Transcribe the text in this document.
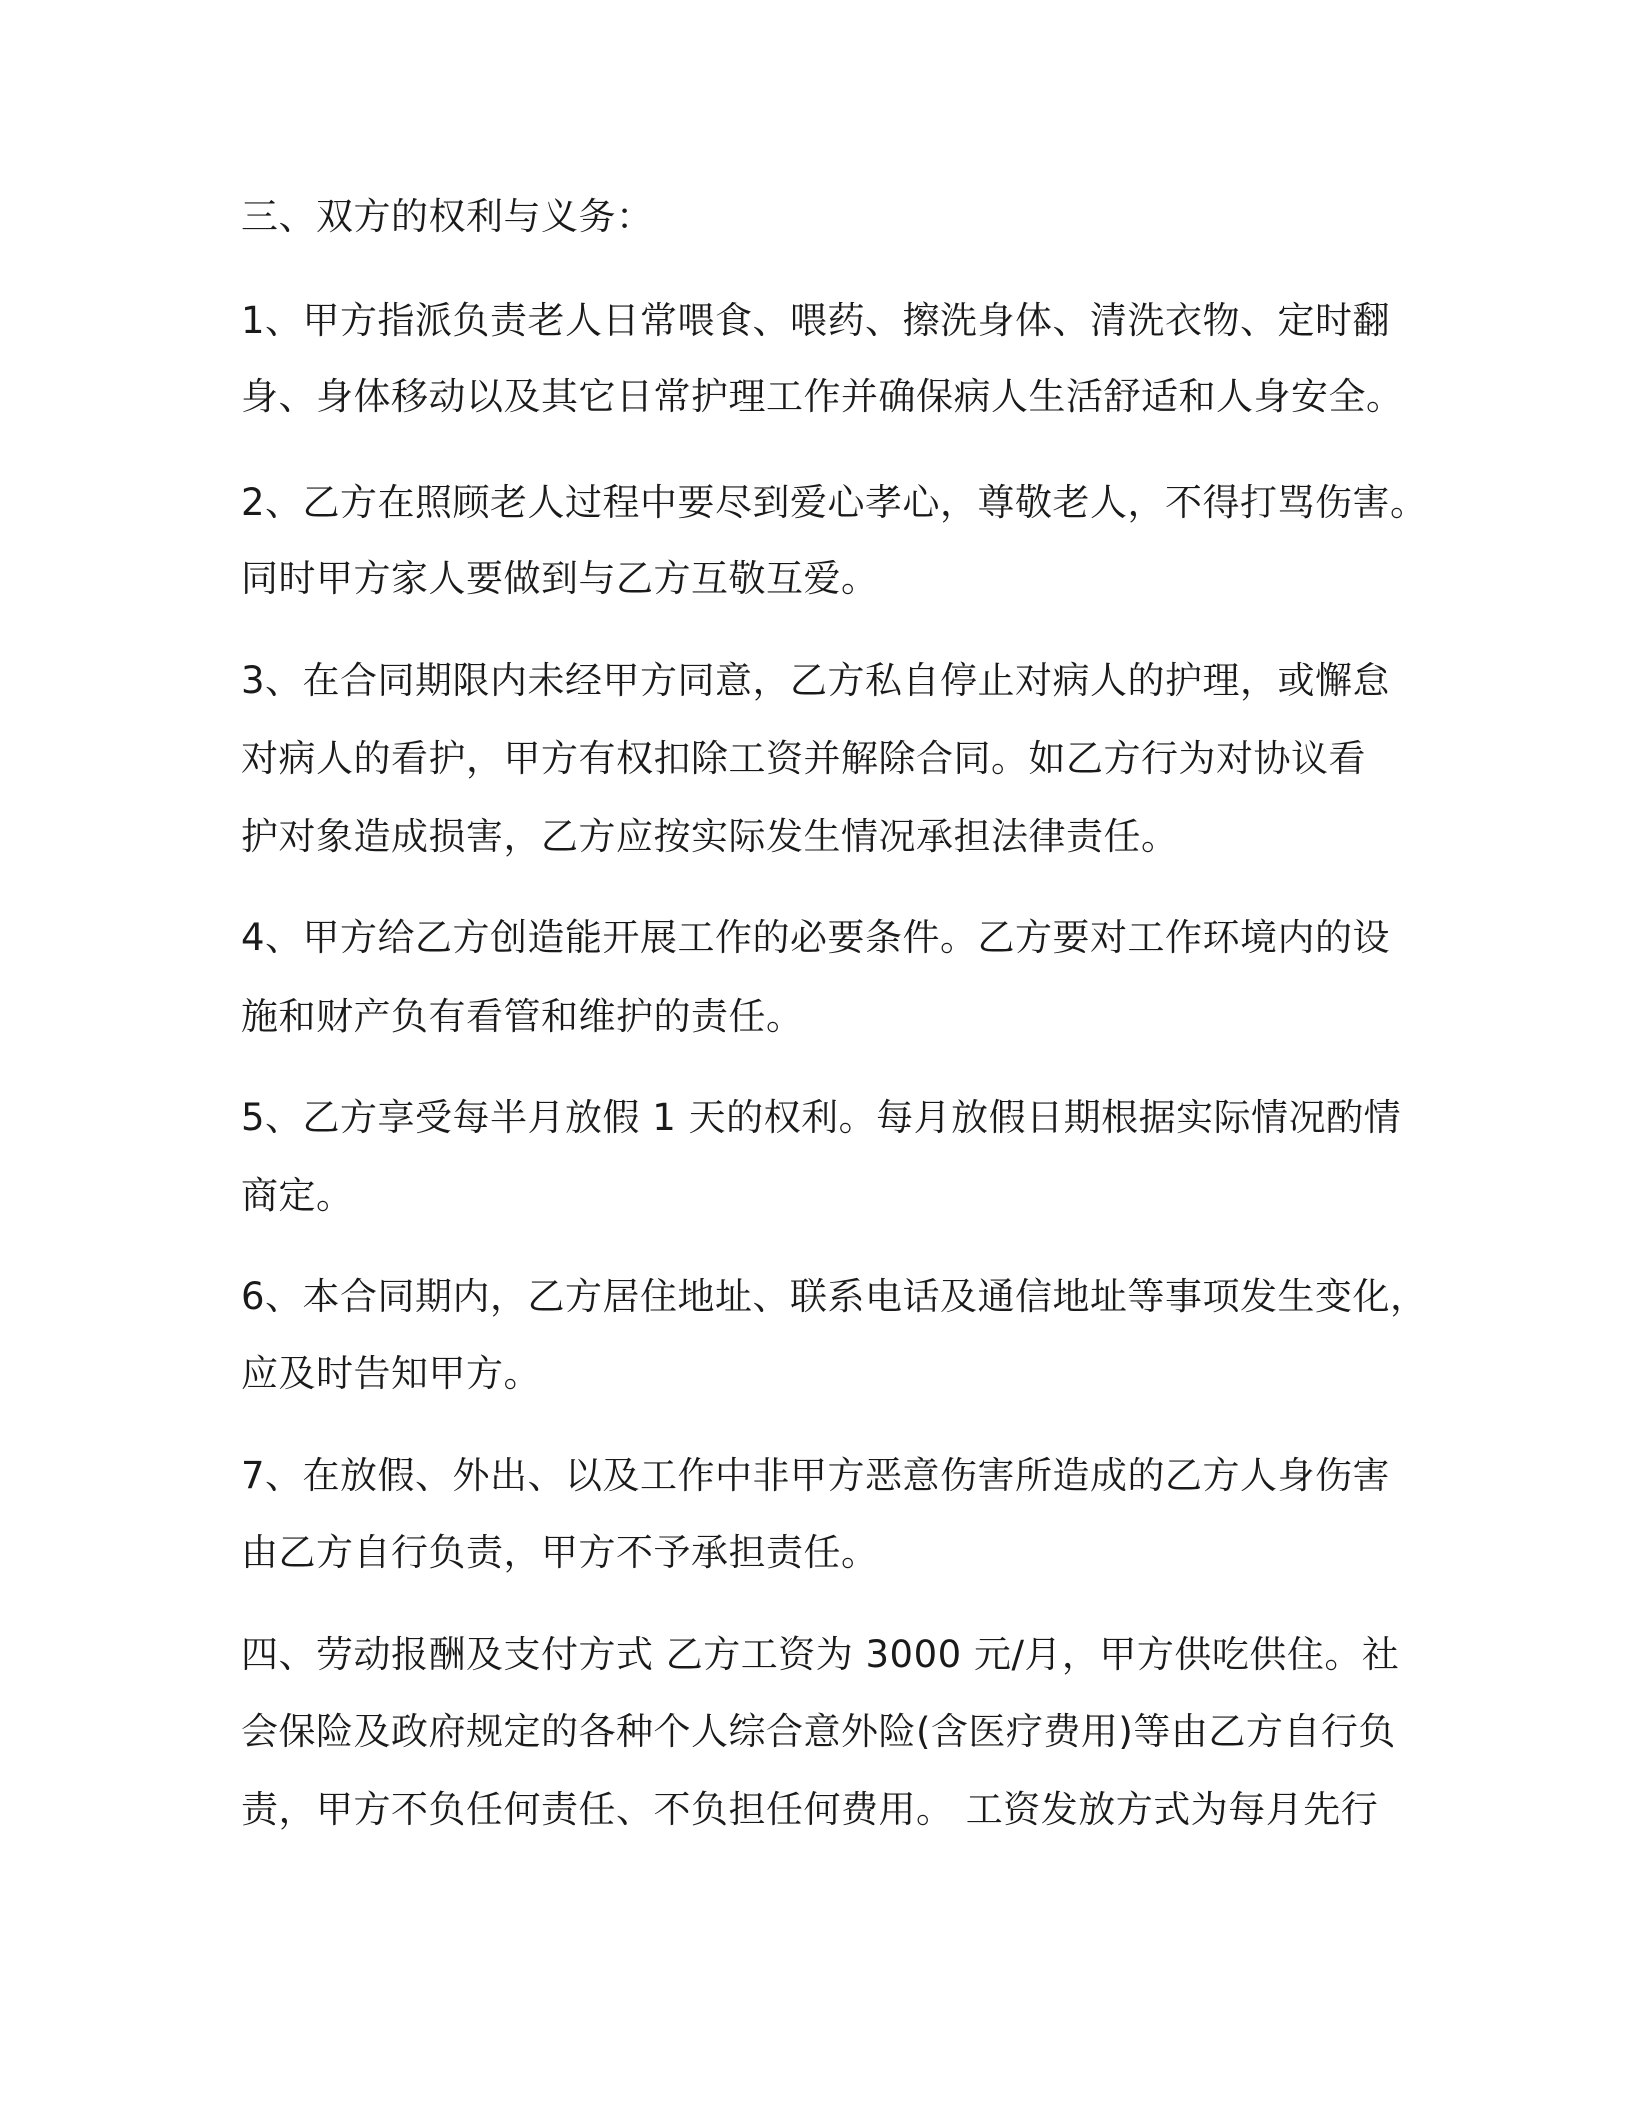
三、双方的权利与义务：

1、甲方指派负责老人日常喂食、喂药、擦洗身体、清洗衣物、定时翻

身、身体移动以及其它日常护理工作并确保病人生活舒适和人身安全。

2、乙方在照顾老人过程中要尽到爱心孝心，尊敬老人，不得打骂伤害。

同时甲方家人要做到与乙方互敬互爱。

3、在合同期限内未经甲方同意，乙方私自停止对病人的护理，或懈怠

对病人的看护，甲方有权扣除工资并解除合同。如乙方行为对协议看

护对象造成损害，乙方应按实际发生情况承担法律责任。

4、甲方给乙方创造能开展工作的必要条件。乙方要对工作环境内的设

施和财产负有看管和维护的责任。

5、乙方享受每半月放假 1 天的权利。每月放假日期根据实际情况酌情

商定。

6、本合同期内，乙方居住地址、联系电话及通信地址等事项发生变化，

应及时告知甲方。

7、在放假、外出、以及工作中非甲方恶意伤害所造成的乙方人身伤害

由乙方自行负责，甲方不予承担责任。

四、劳动报酬及支付方式 乙方工资为 3000 元/月，甲方供吃供住。社

会保险及政府规定的各种个人综合意外险(含医疗费用)等由乙方自行负

责，甲方不负任何责任、不负担任何费用。 工资发放方式为每月先行
